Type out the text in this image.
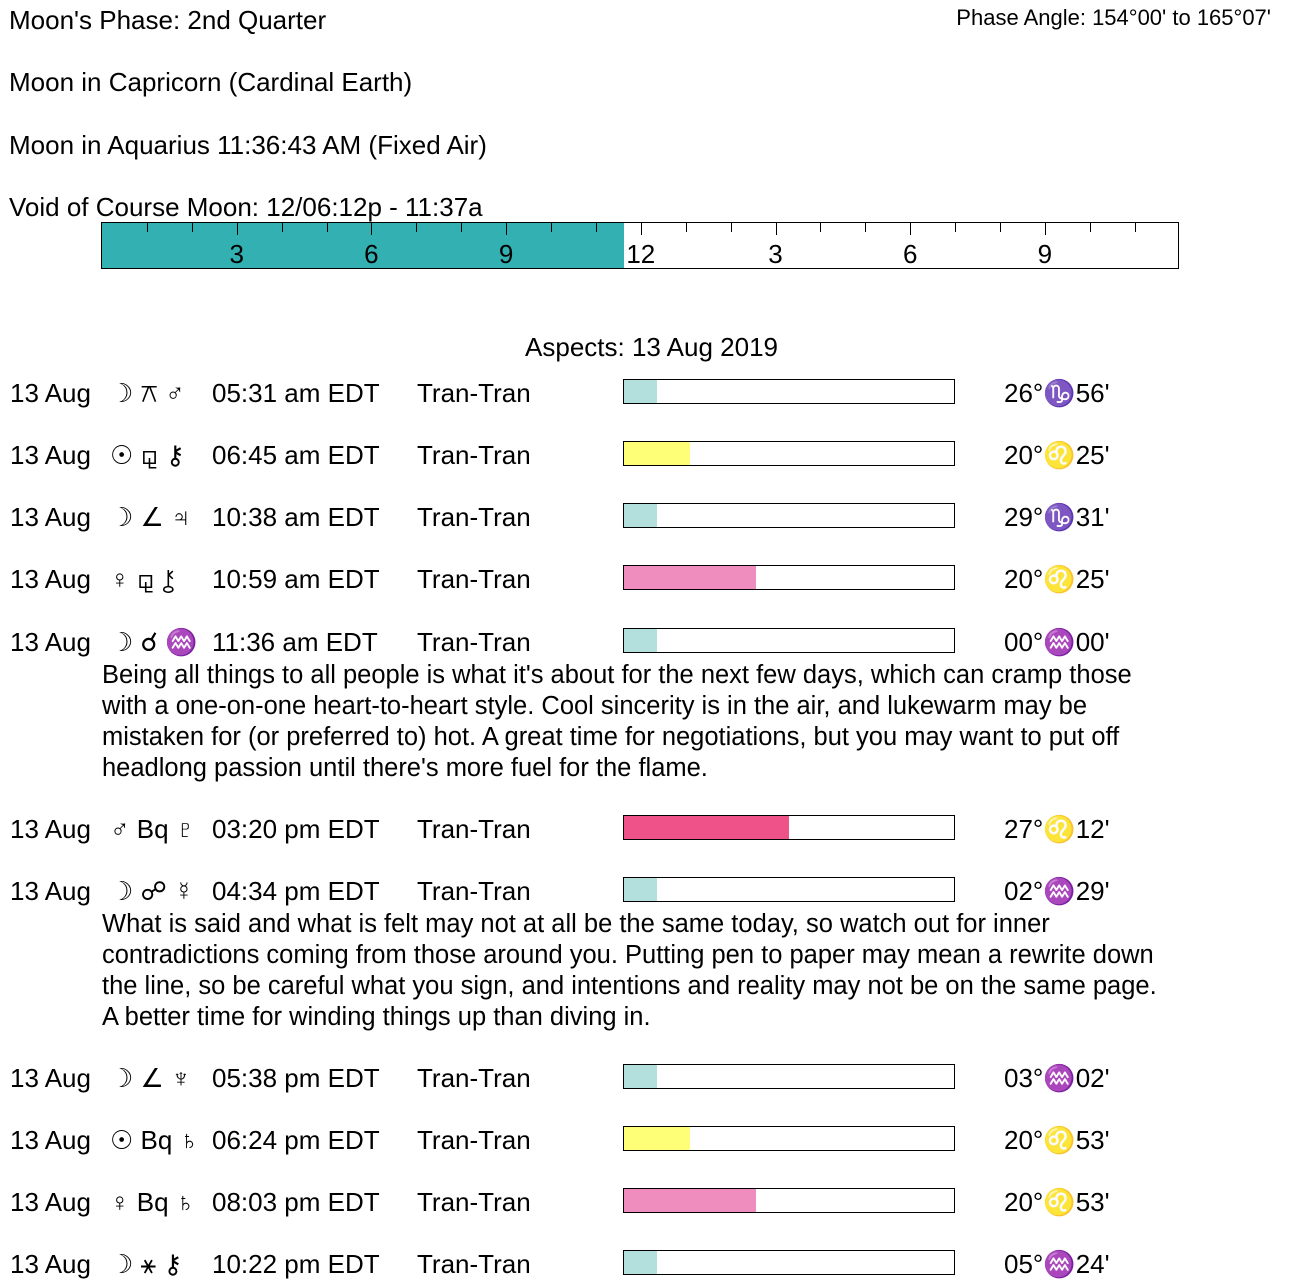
Moon's Phase: 2nd Quarter	Phase Angle: 154°00' to 165°07'
Moon in Capricorn (Cardinal Earth)
Moon in Aquarius 11:36:43 AM (Fixed Air)
Void of Course Moon: 12/06:12p - 11:37a
3	6	9	12	3	6	9
Aspects: 13 Aug 2019
13 Aug ☽ ⚻ ♂ 05:31 am EDT Tran-Tran	26°♑56'
13 Aug ☉ ⚼ ⚷ 06:45 am EDT Tran-Tran	20°♌25'
13 Aug ☽ ∠ ♃ 10:38 am EDT Tran-Tran	29°♑31'
13 Aug ♀ ⚼ ⚷ 10:59 am EDT Tran-Tran	20°♌25'
13 Aug ☽ ☌ ♒ 11:36 am EDT Tran-Tran	00°♒00'
Being all things to all people is what it's about for the next few days, which can cramp those
with a one-on-one heart-to-heart style. Cool sincerity is in the air, and lukewarm may be
mistaken for (or preferred to) hot. A great time for negotiations, but you may want to put off
headlong passion until there's more fuel for the flame.
13 Aug ♂ Bq ♇ 03:20 pm EDT Tran-Tran	27°♌12'
13 Aug ☽ ☍ ☿ 04:34 pm EDT Tran-Tran	02°♒29'
What is said and what is felt may not at all be the same today, so watch out for inner
contradictions coming from those around you. Putting pen to paper may mean a rewrite down
the line, so be careful what you sign, and intentions and reality may not be on the same page.
A better time for winding things up than diving in.
13 Aug ☽ ∠ ♆ 05:38 pm EDT Tran-Tran	03°♒02'
13 Aug ☉ Bq ♄ 06:24 pm EDT Tran-Tran	20°♌53'
13 Aug ♀ Bq ♄ 08:03 pm EDT Tran-Tran	20°♌53'
13 Aug ☽ ⚹ ⚷ 10:22 pm EDT Tran-Tran	05°♒24'
